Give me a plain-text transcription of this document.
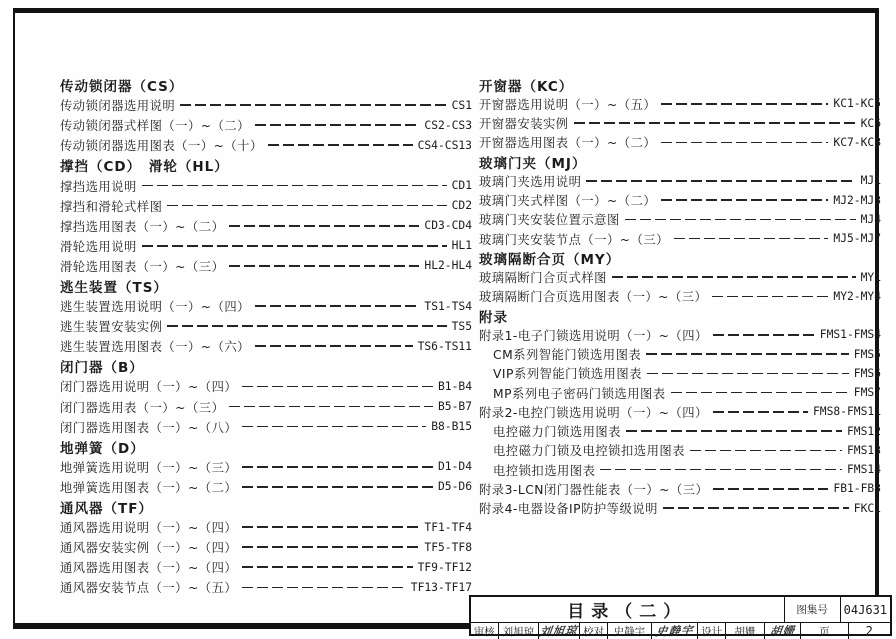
传动锁闭器（CS）
传动锁闭器选用说明	CS1
传动锁闭器式样图（一）~（二）	CS2-CS3
传动锁闭器选用图表（一）~（十）	CS4-CS13
撑挡（CD）　滑轮（HL）
撑挡选用说明	CD1
撑挡和滑轮式样图	CD2
撑挡选用图表（一）~（二）	CD3-CD4
滑轮选用说明	HL1
滑轮选用图表（一）~（三）	HL2-HL4
逃生装置（TS）
逃生装置选用说明（一）~（四）	TS1-TS4
逃生装置安装实例	TS5
逃生装置选用图表（一）~（六）	TS6-TS11
闭门器（B）
闭门器选用说明（一）~（四）	B1-B4
闭门器选用表（一）~（三）	B5-B7
闭门器选用图表（一）~（八）	B8-B15
地弹簧（D）
地弹簧选用说明（一）~（三）	D1-D4
地弹簧选用图表（一）~（二）	D5-D6
通风器（TF）
通风器选用说明（一）~（四）	TF1-TF4
通风器安装实例（一）~（四）	TF5-TF8
通风器选用图表（一）~（四）	TF9-TF12
通风器安装节点（一）~（五）	TF13-TF17
开窗器（KC）
开窗器选用说明（一）~（五）	KC1-KC5
开窗器安装实例	KC6
开窗器选用图表（一）~（二）	KC7-KC8
玻璃门夹（MJ）
玻璃门夹选用说明	MJ1
玻璃门夹式样图（一）~（二）	MJ2-MJ3
玻璃门夹安装位置示意图	MJ4
玻璃门夹安装节点（一）~（三）	MJ5-MJ7
玻璃隔断合页（MY）
玻璃隔断门合页式样图	MY1
玻璃隔断门合页选用图表（一）~（三）	MY2-MY4
附录
附录1-电子门锁选用说明（一）~（四）	FMS1-FMS4
CM系列智能门锁选用图表	FMS5
VIP系列智能门锁选用图表	FMS6
MP系列电子密码门锁选用图表	FMS7
附录2-电控门锁选用说明（一）~（四）	FMS8-FMS11
电控磁力门锁选用图表	FMS12
电控磁力门锁及电控锁扣选用图表	FMS13
电控锁扣选用图表	FMS14
附录3-LCN闭门器性能表（一）~（三）	FB1-FB3
附录4-电器设备IP防护等级说明	FKC1
目录（二）	图集号	04J631
审核 刘旭琼 刘旭琼 校对 史静宇 史静宇 设计	胡姗	胡姗	页	2
